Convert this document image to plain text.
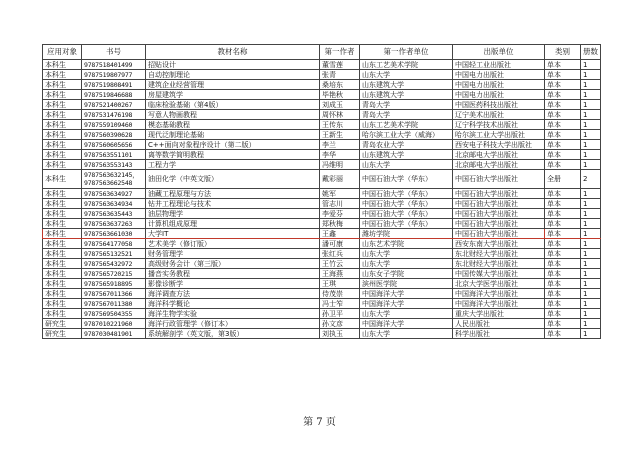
应用对象	书号	教材名称	第一作者	第一作者单位	出版单位	类别	册数
本科生	9787518401499	招贴设计	董雪莲	山东工艺美术学院	中国轻工业出版社	单本	1
本科生	9787519807977	自动控制理论	张青	山东大学	中国电力出版社	单本	1
本科生	9787519808491	建筑企业经营管理	桑培东	山东建筑大学	中国电力出版社	单本	1
本科生	9787519846688	房屋建筑学	毕艳秋	山东建筑大学	中国电力出版社	单本	1
本科生	9787521400267	临床检验基础（第4版）	刘成玉	青岛大学	中国医药科技出版社	单本	1
本科生	9787531476198	写意人物画教程	周怀林	青岛大学	辽宁美术出版社	单本	1
本科生	9787559109460	模态基础教程	王传东	山东工艺美术学院	辽宁科学技术出版社	单本	1
本科生	9787560390628	现代泛制理论基础	王新生	哈尔滨工业大学（威海）	哈尔滨工业大学出版社	单本	1
本科生	9787560605656	C++面向对象程序设计（第二版）	李兰	青岛农业大学	西安电子科技大学出版社	单本	1
本科生	9787563551101	离等数学简明教程	李华	山东建筑大学	北京邮电大学出版社	单本	1
本科生	9787563553143	工程力学	冯维明	山东大学	北京邮电大学出版社	单本	1
本科生	9787563632145，9787563662548	油田化学（中英文版）	戴彩丽	中国石油大学（华东）	中国石油大学出版社	全册	2
本科生	9787563634927	油藏工程原理与方法	姚军	中国石油大学（华东）	中国石油大学出版社	单本	1
本科生	9787563634934	钻井工程理论与技术	管志川	中国石油大学（华东）	中国石油大学出版社	单本	1
本科生	9787563635443	油层物理学	李爱芬	中国石油大学（华东）	中国石油大学出版社	单本	1
本科生	9787563637263	计算机组成原理	郑秋梅	中国石油大学（华东）	中国石油大学出版社	单本	1
本科生	9787563661030	大学IT	王鑫	潍坊学院	中国石油大学出版社	单本	1
本科生	9787564177058	艺术美学（修订版）	潘可康	山东艺术学院	西安东南大学出版社	单本	1
本科生	9787565132521	财务管理学	张红兵	山东大学	东北财经大学出版社	单本	1
本科生	9787565432972	高级财务会计（第三版）	王竹云	山东大学	东北财经大学出版社	单本	1
本科生	9787565720215	播音实务教程	王海燕	山东女子学院	中国传媒大学出版社	单本	1
本科生	9787565918895	影像诊断学	王琪	滨州医学院	北京大学医学出版社	单本	1
本科生	9787567011366	海洋调查方法	侍茂崇	中国海洋大学	中国海洋大学出版社	单本	1
本科生	9787567011380	海洋科学概论	冯士笮	中国海洋大学	中国海洋大学出版社	单本	1
本科生	9787569504355	海洋生物学实验	孙卫平	山东大学	重庆大学出版社	单本	1
研究生	9787010221960	海洋行政管理学（修订本）	孙文彦	中国海洋大学	人民出版社	单本	1
研究生	9787030481901	系统解剖学（英文版，第3版）	刘执玉	山东大学	科学出版社	单本	1
第 7 页
